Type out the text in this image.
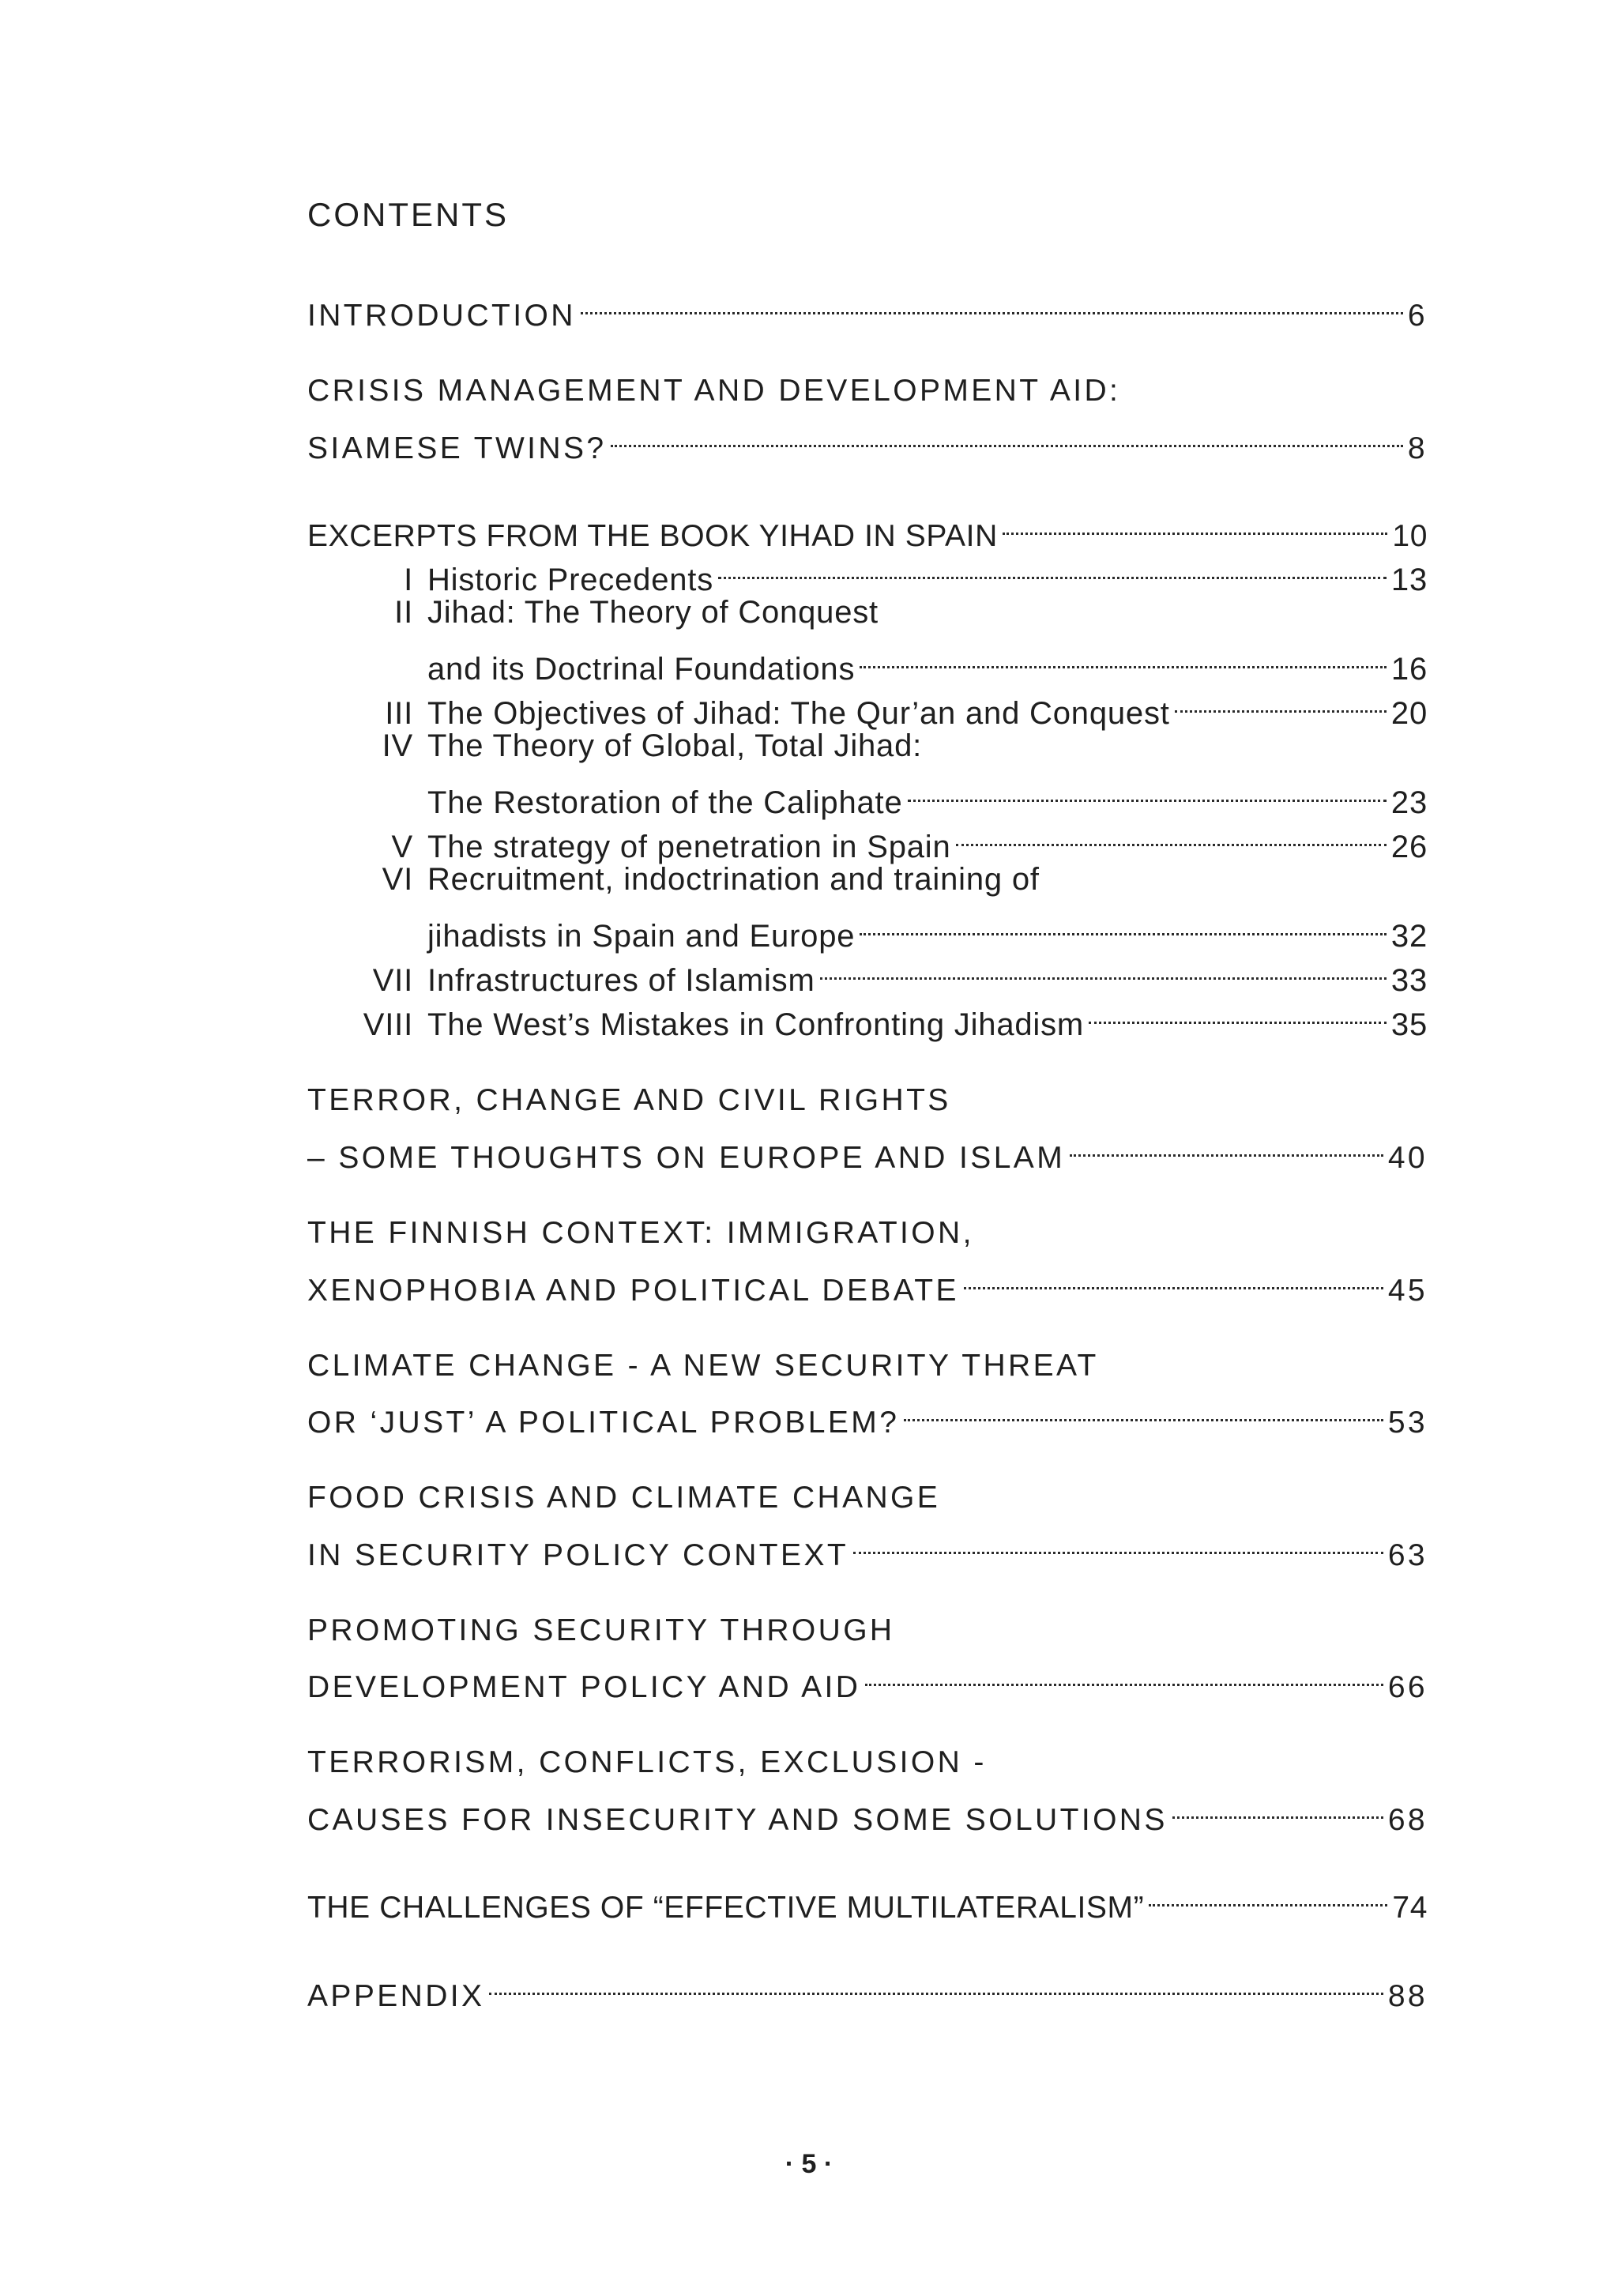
CONTENTS
INTRODUCTION	6
CRISIS MANAGEMENT AND DEVELOPMENT AID:
SIAMESE TWINS?	8
EXCERPTS FROM THE BOOK YIHAD IN SPAIN	10
I Historic Precedents	13
II Jihad: The Theory of Conquest
and its Doctrinal Foundations	16
III The Objectives of Jihad: The Qur’an and Conquest	20
IV The Theory of Global, Total Jihad:
The Restoration of the Caliphate	23
V The strategy of penetration in Spain	26
VI Recruitment, indoctrination and training of
jihadists in Spain and Europe	32
VII Infrastructures of Islamism	33
VIII The West’s Mistakes in Confronting Jihadism	35
TERROR, CHANGE AND CIVIL RIGHTS
– SOME THOUGHTS ON EUROPE AND ISLAM	40
THE FINNISH CONTEXT: IMMIGRATION,
XENOPHOBIA AND POLITICAL DEBATE	45
CLIMATE CHANGE - A NEW SECURITY THREAT
OR ‘JUST’ A POLITICAL PROBLEM?	53
FOOD CRISIS AND CLIMATE CHANGE
IN SECURITY POLICY CONTEXT	63
PROMOTING SECURITY THROUGH
DEVELOPMENT POLICY AND AID	66
TERRORISM, CONFLICTS, EXCLUSION -
CAUSES FOR INSECURITY AND SOME SOLUTIONS	68
THE CHALLENGES OF “EFFECTIVE MULTILATERALISM”	74
APPENDIX	88
· 5 ·
